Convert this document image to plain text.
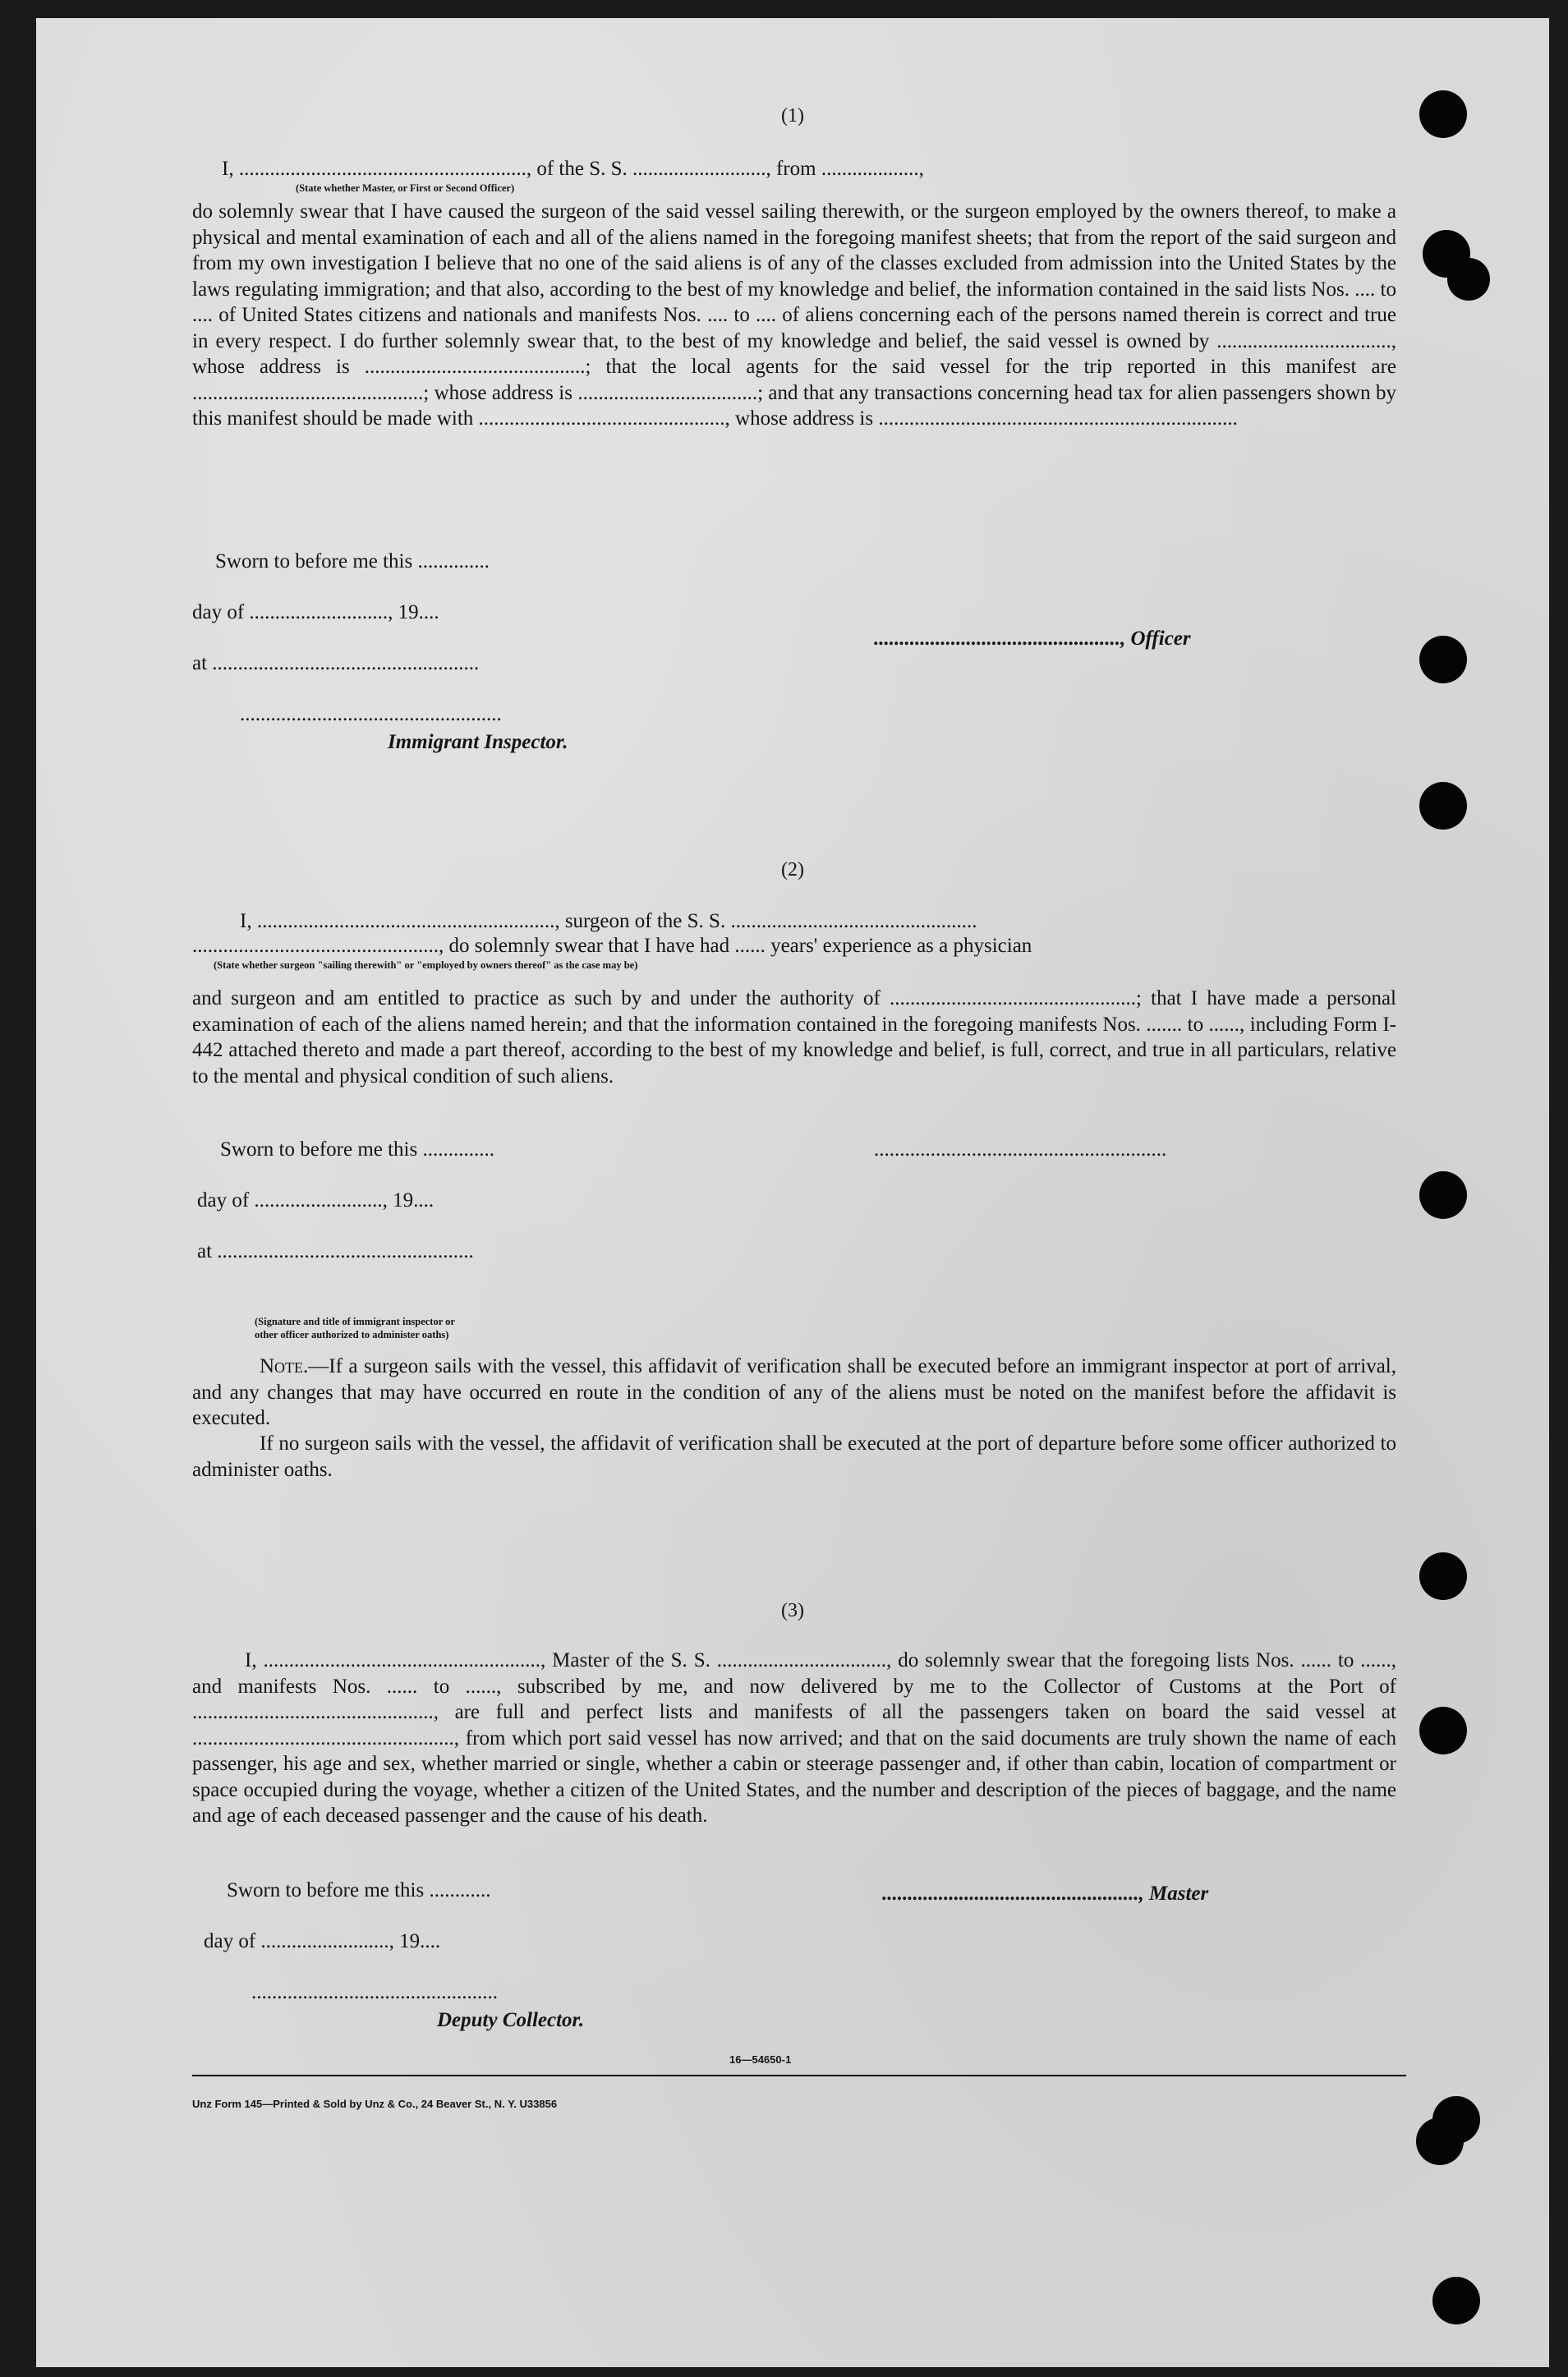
(1)
I, ........................................................, of the S. S. .........................., from ...................,
(State whether Master, or First or Second Officer)
do solemnly swear that I have caused the surgeon of the said vessel sailing therewith, or the surgeon employed by the owners thereof, to make a physical and mental examination of each and all of the aliens named in the foregoing manifest sheets; that from the report of the said surgeon and from my own investigation I believe that no one of the said aliens is of any of the classes excluded from admission into the United States by the laws regulating immigration; and that also, according to the best of my knowledge and belief, the information contained in the said lists Nos. .... to .... of United States citizens and nationals and manifests Nos. .... to .... of aliens concerning each of the persons named therein is correct and true in every respect. I do further solemnly swear that, to the best of my knowledge and belief, the said vessel is owned by .................................., whose address is ...........................................; that the local agents for the said vessel for the trip reported in this manifest are .............................................; whose address is ...................................; and that any transactions concerning head tax for alien passengers shown by this manifest should be made with ................................................, whose address is ......................................................................
Sworn to before me this ..............
day of ..........................., 19....
at ....................................................
................................................, Officer
...................................................
Immigrant Inspector.
(2)
I, .........................................................., surgeon of the S. S. ................................................
................................................, do solemnly swear that I have had ...... years' experience as a physician
(State whether surgeon "sailing therewith" or "employed by owners thereof" as the case may be)
and surgeon and am entitled to practice as such by and under the authority of ................................................; that I have made a personal examination of each of the aliens named herein; and that the information contained in the foregoing manifests Nos. ....... to ......, including Form I-442 attached thereto and made a part thereof, according to the best of my knowledge and belief, is full, correct, and true in all particulars, relative to the mental and physical condition of such aliens.
Sworn to before me this ..............
day of ........................., 19....
at ..................................................
.........................................................
(Signature and title of immigrant inspector or
other officer authorized to administer oaths)
Note.—If a surgeon sails with the vessel, this affidavit of verification shall be executed before an immigrant inspector at port of arrival, and any changes that may have occurred en route in the condition of any of the aliens must be noted on the manifest before the affidavit is executed.
If no surgeon sails with the vessel, the affidavit of verification shall be executed at the port of departure before some officer authorized to administer oaths.
(3)
I, ......................................................, Master of the S. S. ................................., do solemnly swear that the foregoing lists Nos. ...... to ......, and manifests Nos. ...... to ......, subscribed by me, and now delivered by me to the Collector of Customs at the Port of ..............................................., are full and perfect lists and manifests of all the passengers taken on board the said vessel at ..................................................., from which port said vessel has now arrived; and that on the said documents are truly shown the name of each passenger, his age and sex, whether married or single, whether a cabin or steerage passenger and, if other than cabin, location of compartment or space occupied during the voyage, whether a citizen of the United States, and the number and description of the pieces of baggage, and the name and age of each deceased passenger and the cause of his death.
Sworn to before me this ............	.................................................., Master
day of ........................., 19....
................................................
Deputy Collector.
16—54650-1
Unz Form 145—Printed & Sold by Unz & Co., 24 Beaver St., N. Y. U33856
